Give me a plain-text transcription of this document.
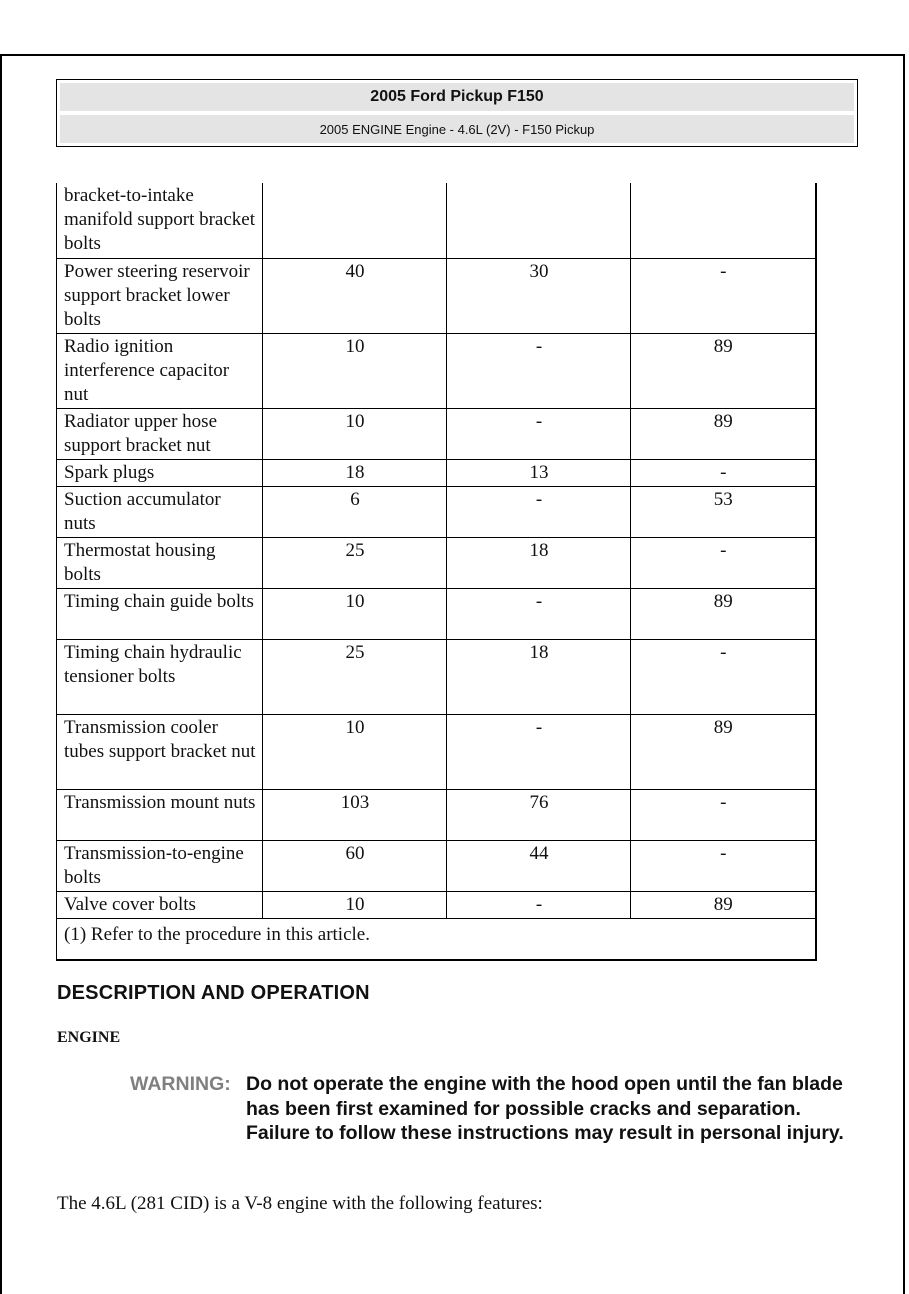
2005 Ford Pickup F150
2005 ENGINE Engine - 4.6L (2V) - F150 Pickup
bracket-to-intake manifold support bracket bolts			
Power steering reservoir support bracket lower bolts	40	30	-
Radio ignition interference capacitor nut	10	-	89
Radiator upper hose support bracket nut	10	-	89
Spark plugs	18	13	-
Suction accumulator nuts	6	-	53
Thermostat housing bolts	25	18	-
Timing chain guide bolts	10	-	89
Timing chain hydraulic tensioner bolts	25	18	-
Transmission cooler tubes support bracket nut	10	-	89
Transmission mount nuts	103	76	-
Transmission-to-engine bolts	60	44	-
Valve cover bolts	10	-	89
(1) Refer to the procedure in this article.			
DESCRIPTION AND OPERATION
ENGINE
WARNING: Do not operate the engine with the hood open until the fan blade has been first examined for possible cracks and separation. Failure to follow these instructions may result in personal injury.
The 4.6L (281 CID) is a V-8 engine with the following features:
